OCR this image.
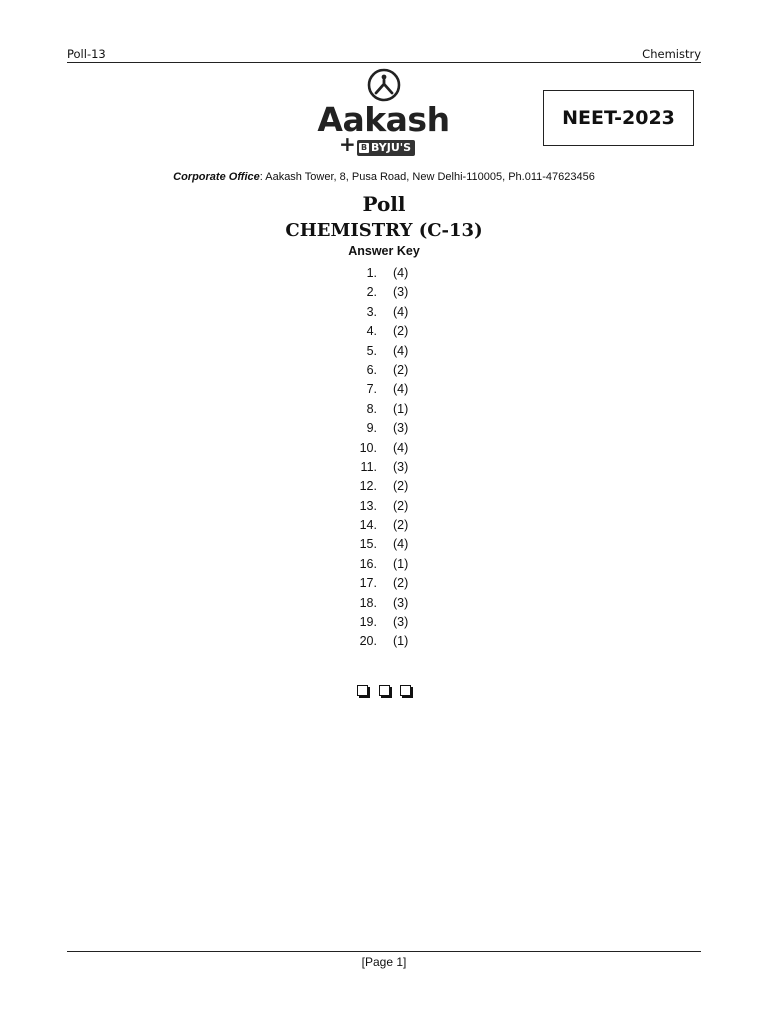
Poll-13	Chemistry
Aakash
+ B BYJU'S
NEET-2023
Corporate Office: Aakash Tower, 8, Pusa Road, New Delhi-110005, Ph.011-47623456
Poll
CHEMISTRY (C-13)
Answer Key
1. (4)
2. (3)
3. (4)
4. (2)
5. (4)
6. (2)
7. (4)
8. (1)
9. (3)
10. (4)
11. (3)
12. (2)
13. (2)
14. (2)
15. (4)
16. (1)
17. (2)
18. (3)
19. (3)
20. (1)

[Page 1]
